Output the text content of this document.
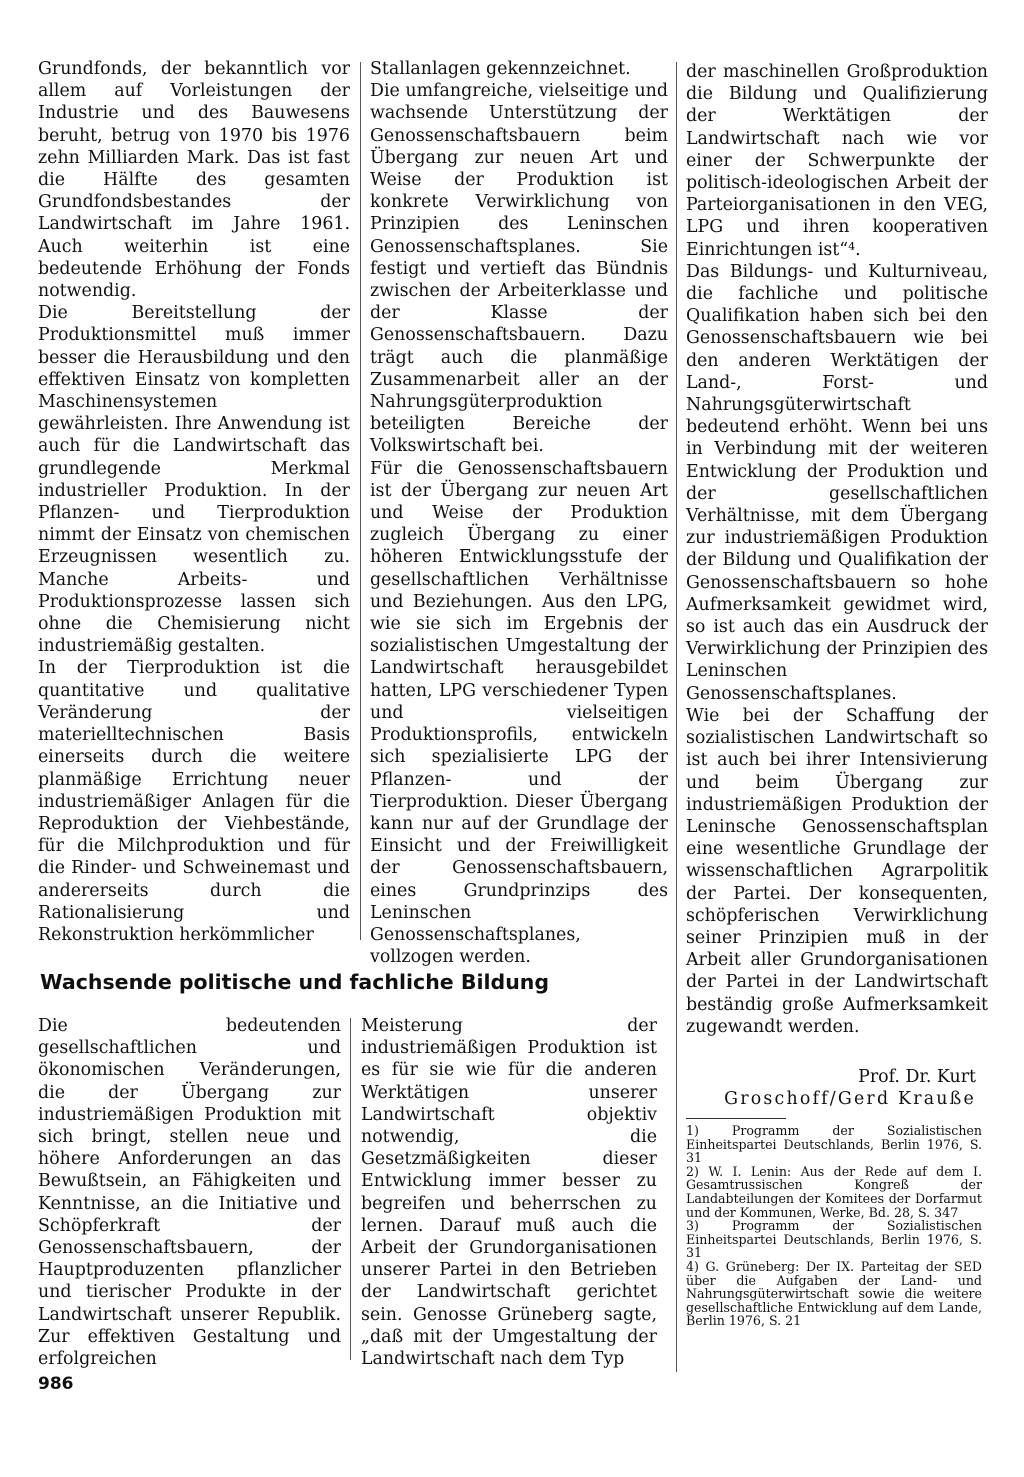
Grundfonds, der bekanntlich vor allem auf Vorleistungen der Industrie und des Bauwesens beruht, betrug von 1970 bis 1976 zehn Milliarden Mark. Das ist fast die Hälfte des gesamten Grundfondsbestandes der Landwirtschaft im Jahre 1961. Auch weiterhin ist eine bedeutende Erhöhung der Fonds notwendig.

Die Bereitstellung der Produktionsmittel muß immer besser die Herausbildung und den effektiven Einsatz von kompletten Maschinensystemen gewährleisten. Ihre Anwendung ist auch für die Landwirtschaft das grundlegende Merkmal industrieller Produktion. In der Pflanzen- und Tierproduktion nimmt der Einsatz von chemischen Erzeugnissen wesentlich zu. Manche Arbeits- und Produktionsprozesse lassen sich ohne die Chemisierung nicht industriemäßig gestalten.

In der Tierproduktion ist die quantitative und qualitative Veränderung der materielltechnischen Basis einerseits durch die weitere planmäßige Errichtung neuer industriemäßiger Anlagen für die Reproduktion der Viehbestände, für die Milchproduktion und für die Rinder- und Schweinemast und andererseits durch die Rationalisierung und Rekonstruktion herkömmlicher

Stallanlagen gekennzeichnet.

Die umfangreiche, vielseitige und wachsende Unterstützung der Genossenschaftsbauern beim Übergang zur neuen Art und Weise der Produktion ist konkrete Verwirklichung von Prinzipien des Leninschen Genossenschaftsplanes. Sie festigt und vertieft das Bündnis zwischen der Arbeiterklasse und der Klasse der Genossenschaftsbauern. Dazu trägt auch die planmäßige Zusammenarbeit aller an der Nahrungsgüterproduktion beteiligten Bereiche der Volkswirtschaft bei.

Für die Genossenschaftsbauern ist der Übergang zur neuen Art und Weise der Produktion zugleich Übergang zu einer höheren Entwicklungsstufe der gesellschaftlichen Verhältnisse und Beziehungen. Aus den LPG, wie sie sich im Ergebnis der sozialistischen Umgestaltung der Landwirtschaft herausgebildet hatten, LPG verschiedener Typen und vielseitigen Produktionsprofils, entwickeln sich spezialisierte LPG der Pflanzen- und der Tierproduktion. Dieser Übergang kann nur auf der Grundlage der Einsicht und der Freiwilligkeit der Genossenschaftsbauern, eines Grundprinzips des Leninschen Genossenschaftsplanes, vollzogen werden.

der maschinellen Großproduktion die Bildung und Qualifizierung der Werktätigen der Landwirtschaft nach wie vor einer der Schwerpunkte der politisch-ideologischen Arbeit der Parteiorganisationen in den VEG, LPG und ihren kooperativen Einrichtungen ist“⁴.

Das Bildungs- und Kulturniveau, die fachliche und politische Qualifikation haben sich bei den Genossenschaftsbauern wie bei den anderen Werktätigen der Land-, Forst- und Nahrungsgüterwirtschaft bedeutend erhöht. Wenn bei uns in Verbindung mit der weiteren Entwicklung der Produktion und der gesellschaftlichen Verhältnisse, mit dem Übergang zur industriemäßigen Produktion der Bildung und Qualifikation der Genossenschaftsbauern so hohe Aufmerksamkeit gewidmet wird, so ist auch das ein Ausdruck der Verwirklichung der Prinzipien des Leninschen Genossenschaftsplanes.

Wie bei der Schaffung der sozialistischen Landwirtschaft so ist auch bei ihrer Intensivierung und beim Übergang zur industriemäßigen Produktion der Leninsche Genossenschaftsplan eine wesentliche Grundlage der wissenschaftlichen Agrarpolitik der Partei. Der konsequenten, schöpferischen Verwirklichung seiner Prinzipien muß in der Arbeit aller Grundorganisationen der Partei in der Landwirtschaft beständig große Aufmerksamkeit zugewandt werden.

Wachsende politische und fachliche Bildung

Die bedeutenden gesellschaftlichen und ökonomischen Veränderungen, die der Übergang zur industriemäßigen Produktion mit sich bringt, stellen neue und höhere Anforderungen an das Bewußtsein, an Fähigkeiten und Kenntnisse, an die Initiative und Schöpferkraft der Genossenschaftsbauern, der Hauptproduzenten pflanzlicher und tierischer Produkte in der Landwirtschaft unserer Republik. Zur effektiven Gestaltung und erfolgreichen

Meisterung der industriemäßigen Produktion ist es für sie wie für die anderen Werktätigen unserer Landwirtschaft objektiv notwendig, die Gesetzmäßigkeiten dieser Entwicklung immer besser zu begreifen und beherrschen zu lernen. Darauf muß auch die Arbeit der Grundorganisationen unserer Partei in den Betrieben der Landwirtschaft gerichtet sein. Genosse Grüneberg sagte, „daß mit der Umgestaltung der Landwirtschaft nach dem Typ

Prof. Dr. Kurt
Groschoff/Gerd Krauße

1) Programm der Sozialistischen Einheitspartei Deutschlands, Berlin 1976, S. 31

2) W. I. Lenin: Aus der Rede auf dem I. Gesamtrussischen Kongreß der Landabteilungen der Komitees der Dorfarmut und der Kommunen, Werke, Bd. 28, S. 347

3) Programm der Sozialistischen Einheitspartei Deutschlands, Berlin 1976, S. 31

4) G. Grüneberg: Der IX. Parteitag der SED über die Aufgaben der Land- und Nahrungsgüterwirtschaft sowie die weitere gesellschaftliche Entwicklung auf dem Lande, Berlin 1976, S. 21

986
